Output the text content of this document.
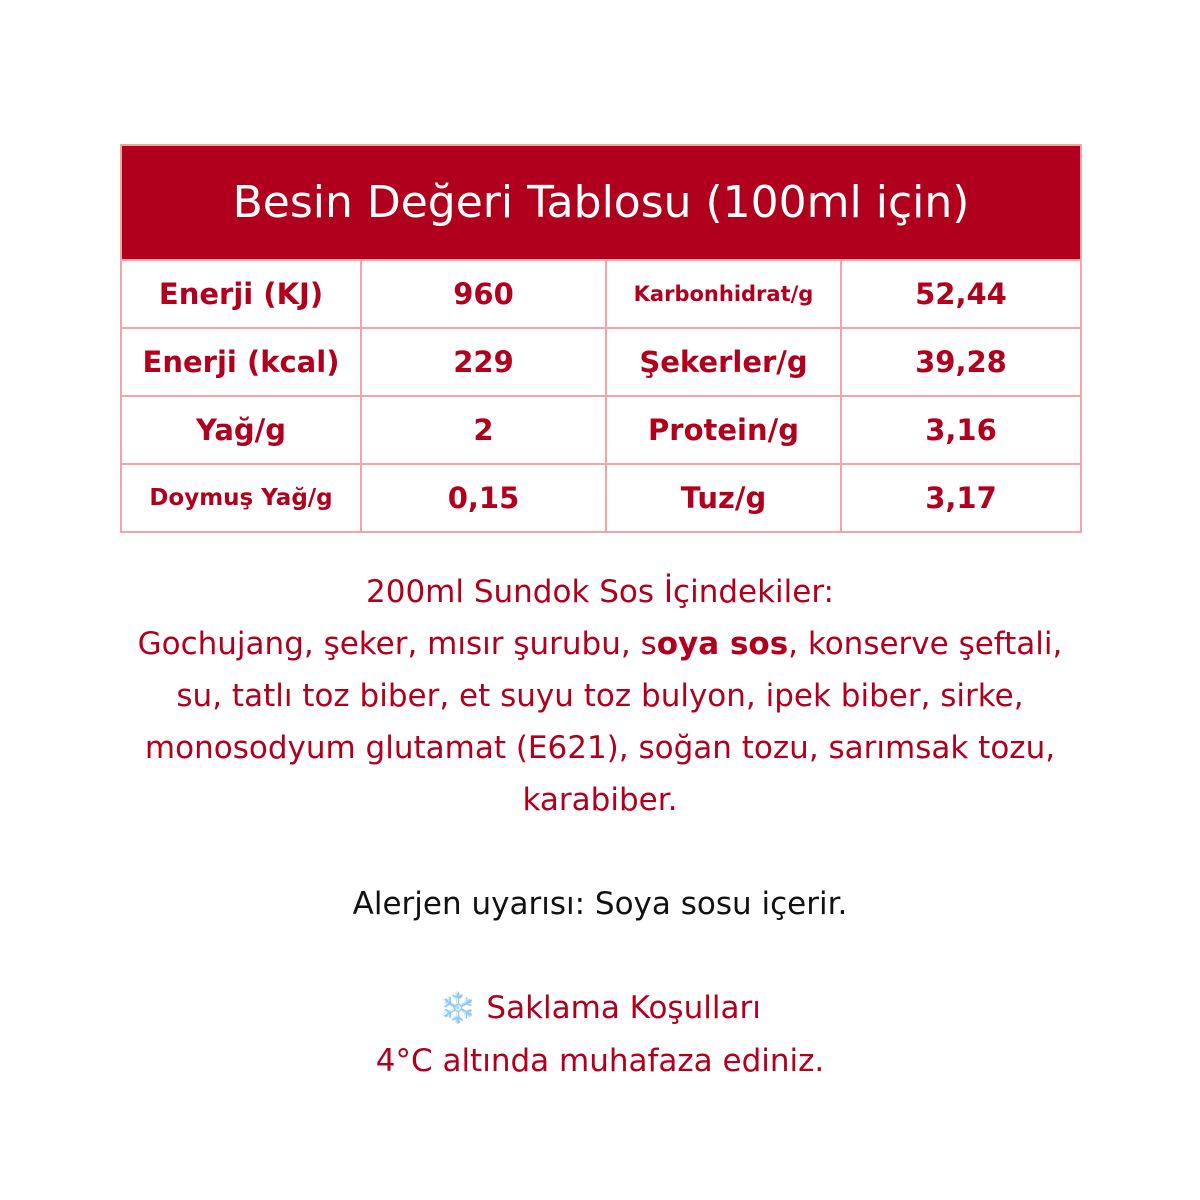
Besin Değeri Tablosu (100ml için)			
Enerji (KJ)	960	Karbonhidrat/g	52,44
Enerji (kcal)	229	Şekerler/g	39,28
Yağ/g	2	Protein/g	3,16
Doymuş Yağ/g	0,15	Tuz/g	3,17

200ml Sundok Sos İçindekiler:
Gochujang, şeker, mısır şurubu, soya sos, konserve şeftali, su, tatlı toz biber, et suyu toz bulyon, ipek biber, sirke, monosodyum glutamat (E621), soğan tozu, sarımsak tozu, karabiber.

Alerjen uyarısı: Soya sosu içerir.

❄️ Saklama Koşulları
4°C altında muhafaza ediniz.
